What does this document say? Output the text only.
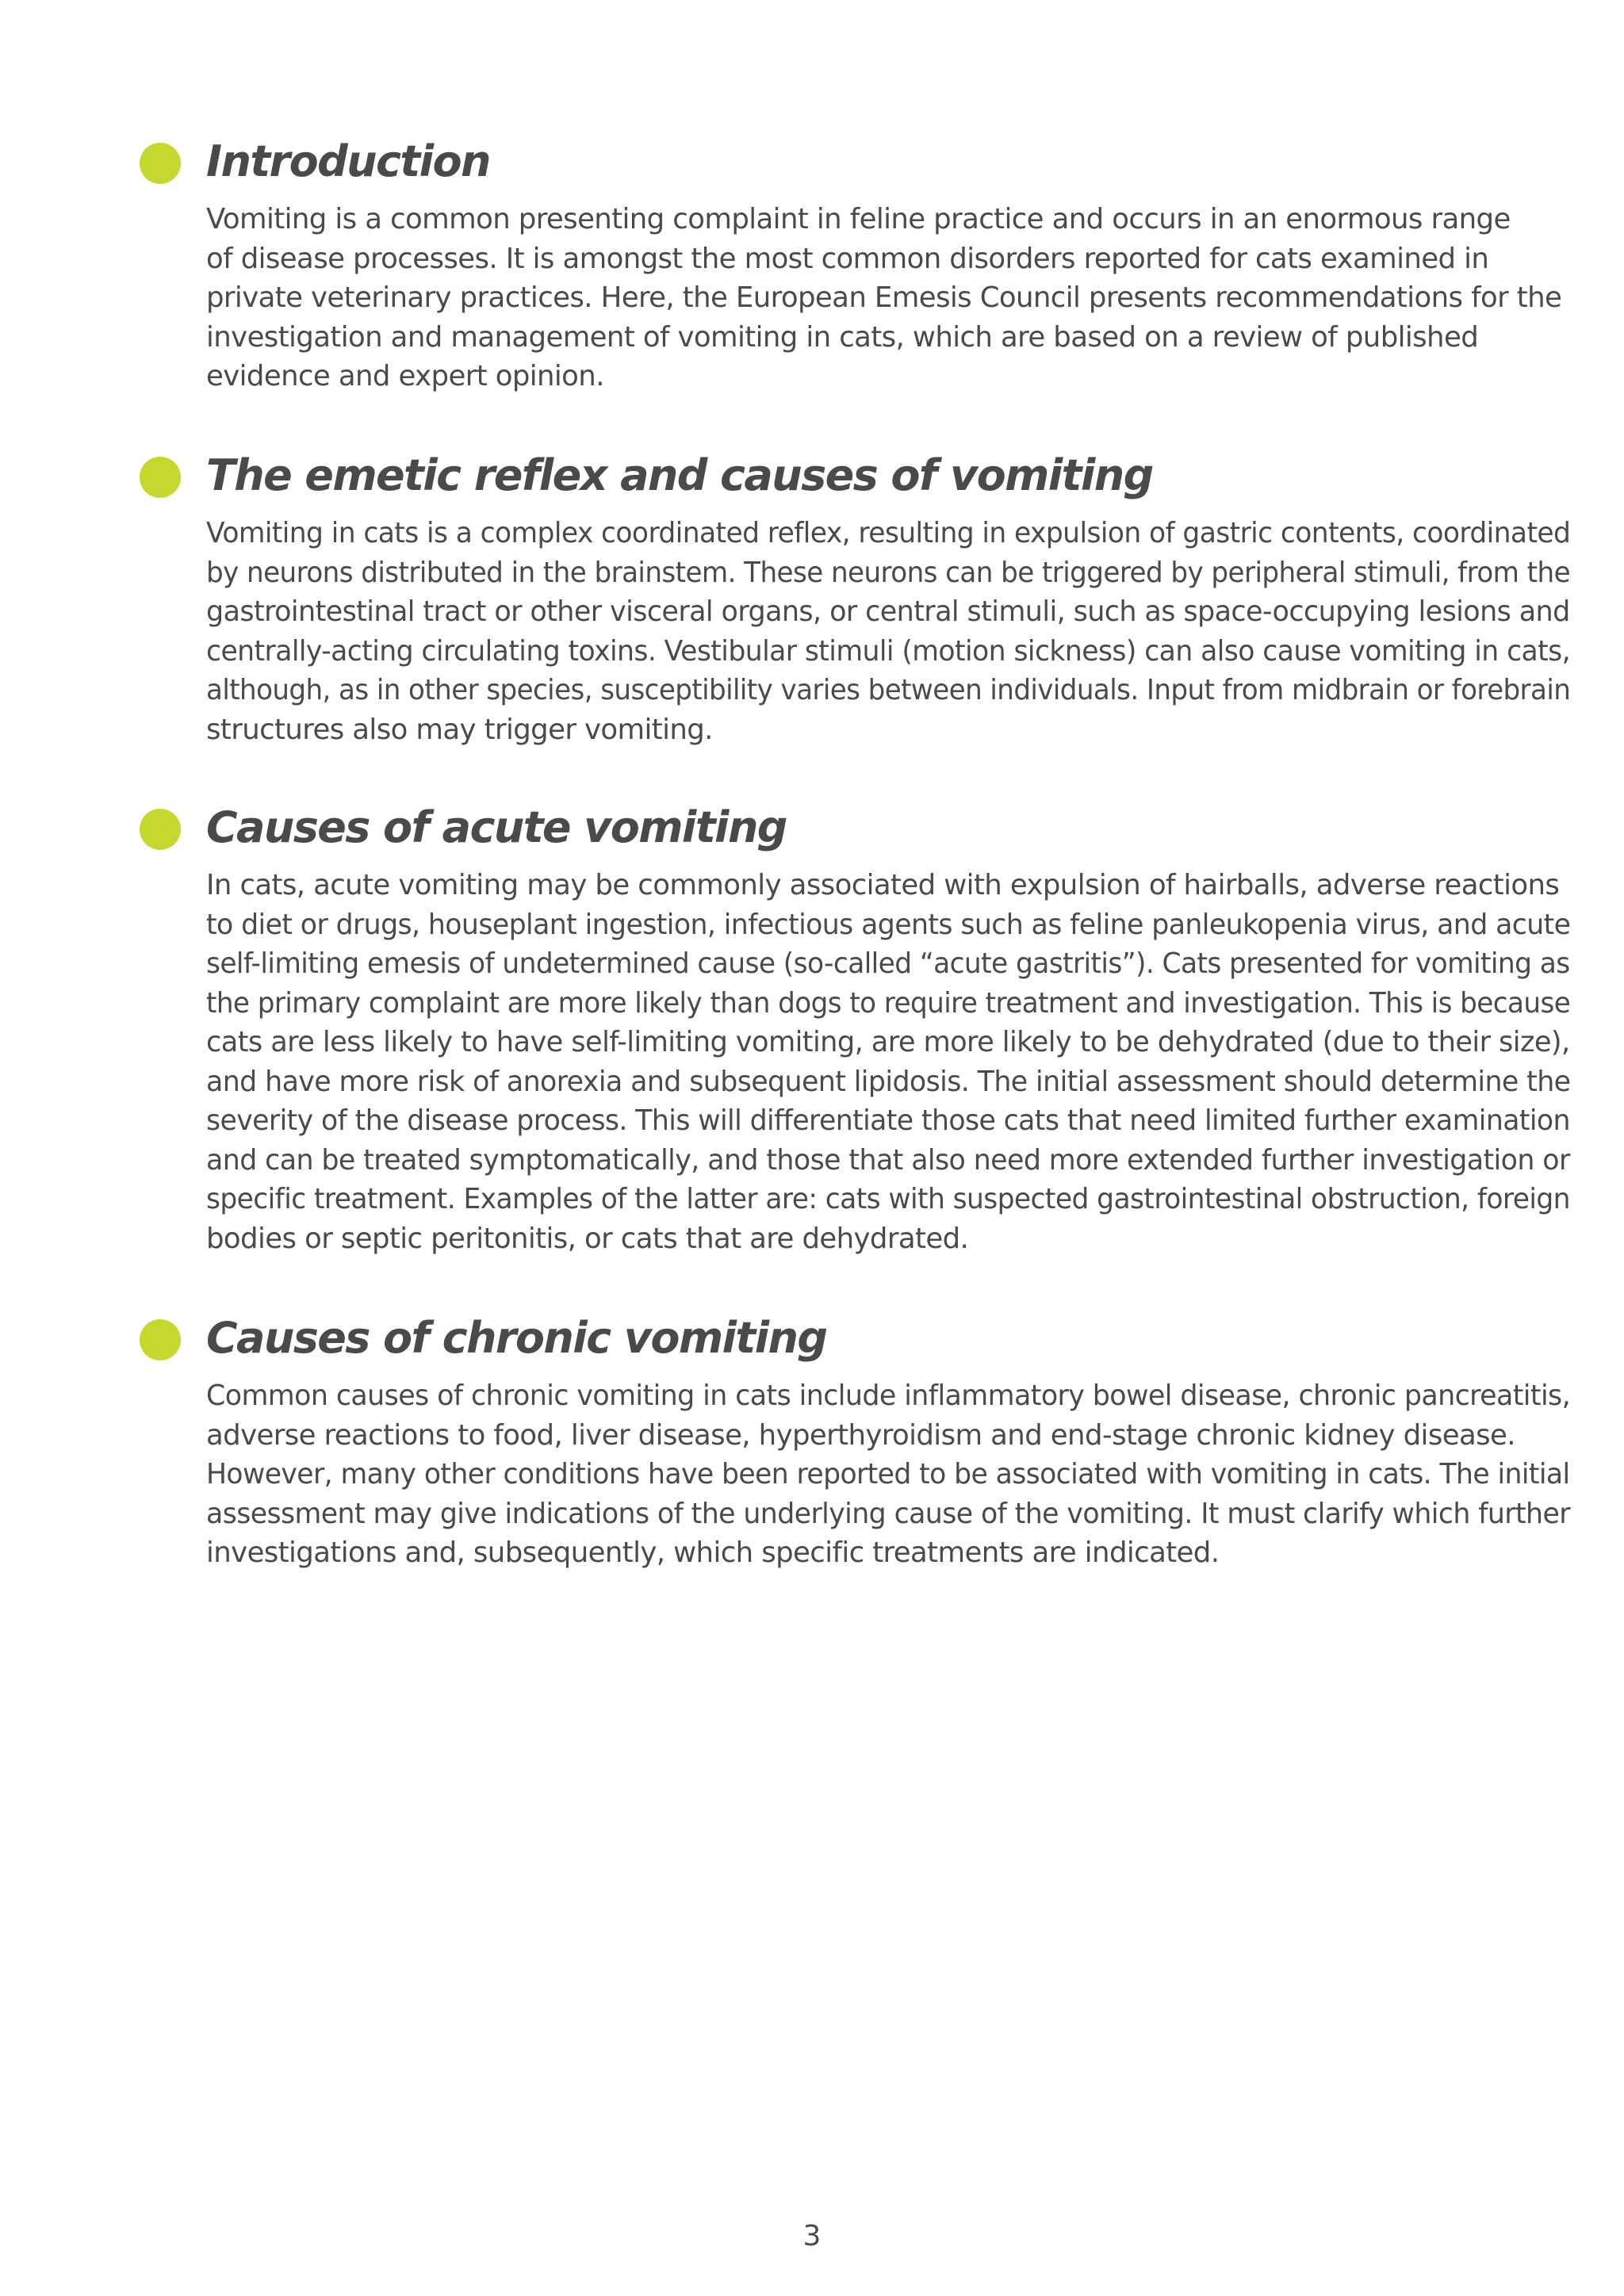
Introduction

Vomiting is a common presenting complaint in feline practice and occurs in an enormous range
of disease processes. It is amongst the most common disorders reported for cats examined in
private veterinary practices. Here, the European Emesis Council presents recommendations for the
investigation and management of vomiting in cats, which are based on a review of published
evidence and expert opinion.

The emetic reflex and causes of vomiting

Vomiting in cats is a complex coordinated reflex, resulting in expulsion of gastric contents, coordinated
by neurons distributed in the brainstem. These neurons can be triggered by peripheral stimuli, from the
gastrointestinal tract or other visceral organs, or central stimuli, such as space-occupying lesions and
centrally-acting circulating toxins. Vestibular stimuli (motion sickness) can also cause vomiting in cats,
although, as in other species, susceptibility varies between individuals. Input from midbrain or forebrain
structures also may trigger vomiting.

Causes of acute vomiting

In cats, acute vomiting may be commonly associated with expulsion of hairballs, adverse reactions
to diet or drugs, houseplant ingestion, infectious agents such as feline panleukopenia virus, and acute
self-limiting emesis of undetermined cause (so-called “acute gastritis”). Cats presented for vomiting as
the primary complaint are more likely than dogs to require treatment and investigation. This is because
cats are less likely to have self-limiting vomiting, are more likely to be dehydrated (due to their size),
and have more risk of anorexia and subsequent lipidosis. The initial assessment should determine the
severity of the disease process. This will differentiate those cats that need limited further examination
and can be treated symptomatically, and those that also need more extended further investigation or
specific treatment. Examples of the latter are: cats with suspected gastrointestinal obstruction, foreign
bodies or septic peritonitis, or cats that are dehydrated.

Causes of chronic vomiting

Common causes of chronic vomiting in cats include inflammatory bowel disease, chronic pancreatitis,
adverse reactions to food, liver disease, hyperthyroidism and end-stage chronic kidney disease.
However, many other conditions have been reported to be associated with vomiting in cats. The initial
assessment may give indications of the underlying cause of the vomiting. It must clarify which further
investigations and, subsequently, which specific treatments are indicated.

3
